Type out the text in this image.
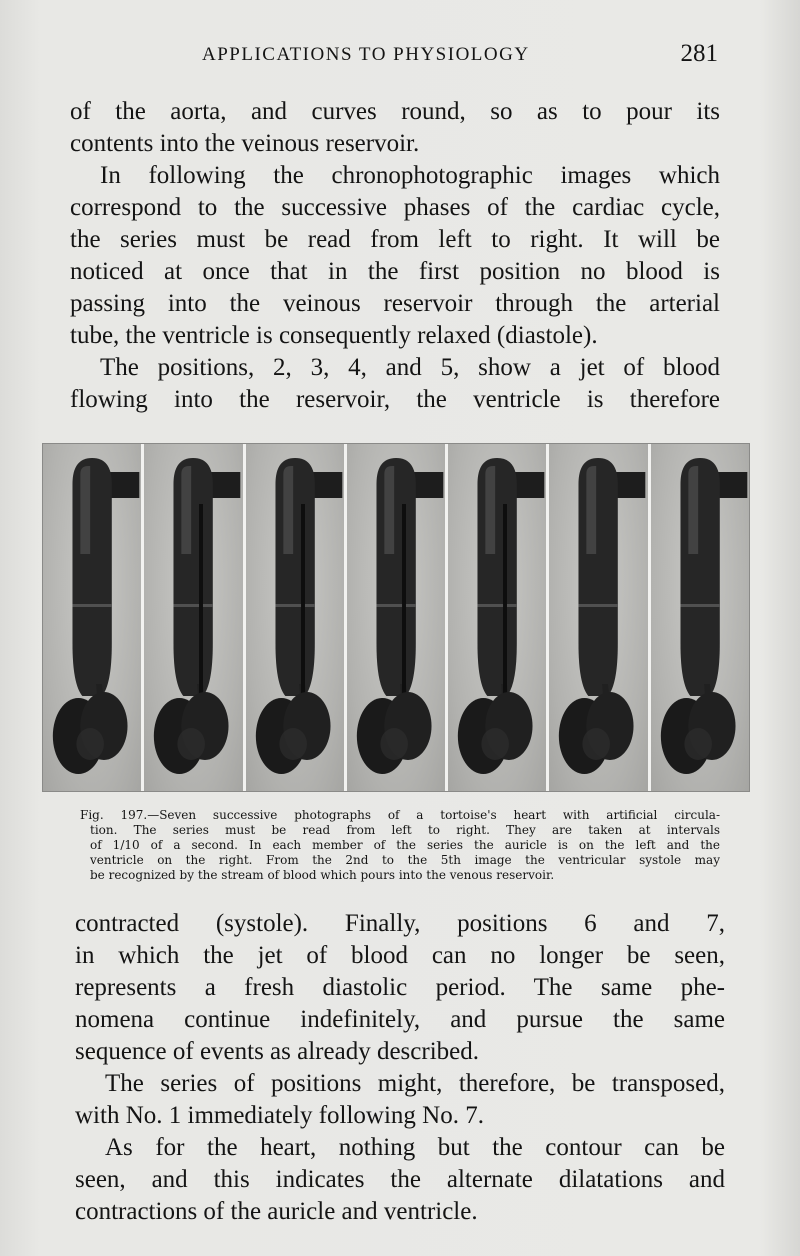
APPLICATIONS TO PHYSIOLOGY	281

of the aorta, and curves round, so as to pour its

contents into the veinous reservoir.

In following the chronophotographic images which

correspond to the successive phases of the cardiac cycle,

the series must be read from left to right. It will be

noticed at once that in the first position no blood is

passing into the veinous reservoir through the arterial

tube, the ventricle is consequently relaxed (diastole).

The positions, 2, 3, 4, and 5, show a jet of blood

flowing into the reservoir, the ventricle is therefore

Fig. 197.—Seven successive photographs of a tortoise's heart with artificial circula-

tion. The series must be read from left to right. They are taken at intervals

of 1/10 of a second. In each member of the series the auricle is on the left and the

ventricle on the right. From the 2nd to the 5th image the ventricular systole may

be recognized by the stream of blood which pours into the venous reservoir.

contracted (systole). Finally, positions 6 and 7,

in which the jet of blood can no longer be seen,

represents a fresh diastolic period. The same phe-

nomena continue indefinitely, and pursue the same

sequence of events as already described.

The series of positions might, therefore, be transposed,

with No. 1 immediately following No. 7.

As for the heart, nothing but the contour can be

seen, and this indicates the alternate dilatations and

contractions of the auricle and ventricle.
